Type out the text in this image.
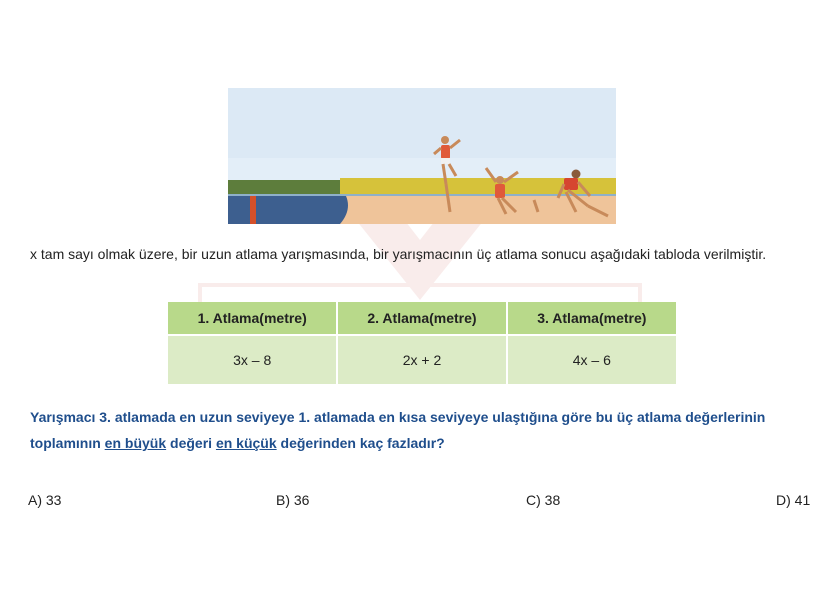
x tam sayı olmak üzere, bir uzun atlama yarışmasında, bir yarışmacının üç atlama sonucu aşağıdaki tabloda verilmiştir.
1. Atlama(metre)	2. Atlama(metre)	3. Atlama(metre)
3x – 8	2x + 2	4x – 6
Yarışmacı 3. atlamada en uzun seviyeye 1. atlamada en kısa seviyeye ulaştığına göre bu üç atlama değerlerinin toplamının en büyük değeri en küçük değerinden kaç fazladır?
A) 33	B) 36	C) 38	D) 41
